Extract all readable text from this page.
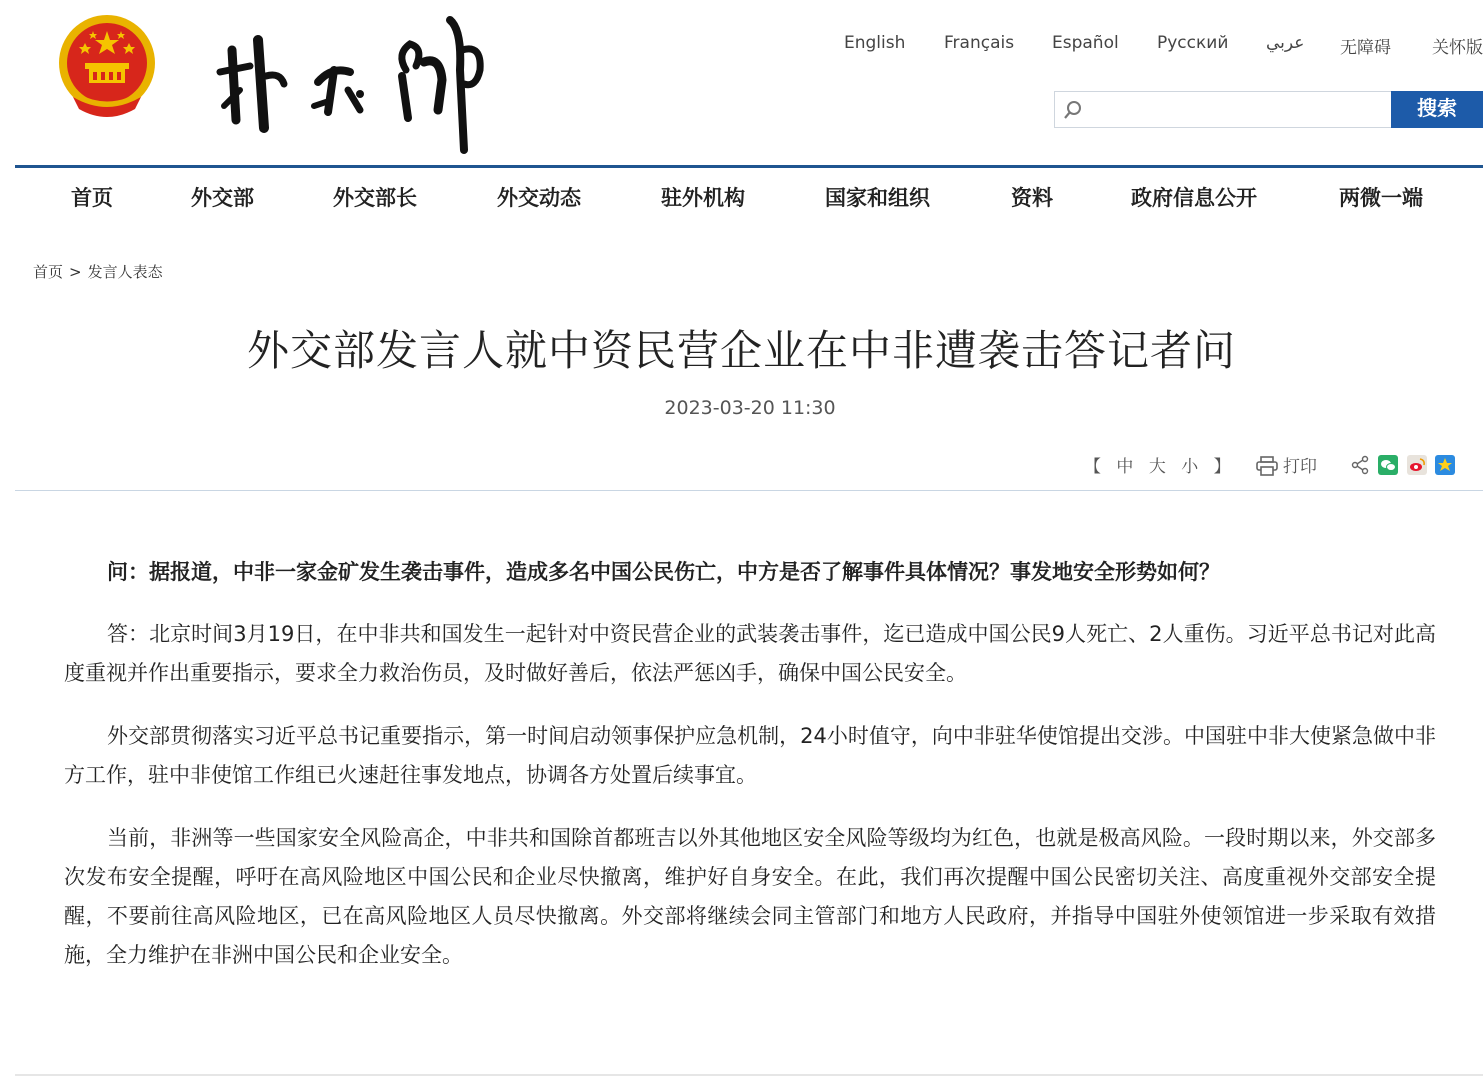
English Français Español Русский عربي 无障碍 关怀版
搜索
首页	外交部	外交部长	外交动态	驻外机构	国家和组织	资料	政府信息公开	两微一端
首页 > 发言人表态
外交部发言人就中资民营企业在中非遭袭击答记者问
2023-03-20 11:30
【 中 大 小 】	打印

问：据报道，中非一家金矿发生袭击事件，造成多名中国公民伤亡，中方是否了解事件具体情况？事发地安全形势如何？

答：北京时间3月19日，在中非共和国发生一起针对中资民营企业的武装袭击事件，迄已造成中国公民9人死亡、2人重伤。习近平总书记对此高度重视并作出重要指示，要求全力救治伤员，及时做好善后，依法严惩凶手，确保中国公民安全。

外交部贯彻落实习近平总书记重要指示，第一时间启动领事保护应急机制，24小时值守，向中非驻华使馆提出交涉。中国驻中非大使紧急做中非方工作，驻中非使馆工作组已火速赶往事发地点，协调各方处置后续事宜。

当前，非洲等一些国家安全风险高企，中非共和国除首都班吉以外其他地区安全风险等级均为红色，也就是极高风险。一段时期以来，外交部多次发布安全提醒，呼吁在高风险地区中国公民和企业尽快撤离，维护好自身安全。在此，我们再次提醒中国公民密切关注、高度重视外交部安全提醒，不要前往高风险地区，已在高风险地区人员尽快撤离。外交部将继续会同主管部门和地方人民政府，并指导中国驻外使领馆进一步采取有效措施，全力维护在非洲中国公民和企业安全。
